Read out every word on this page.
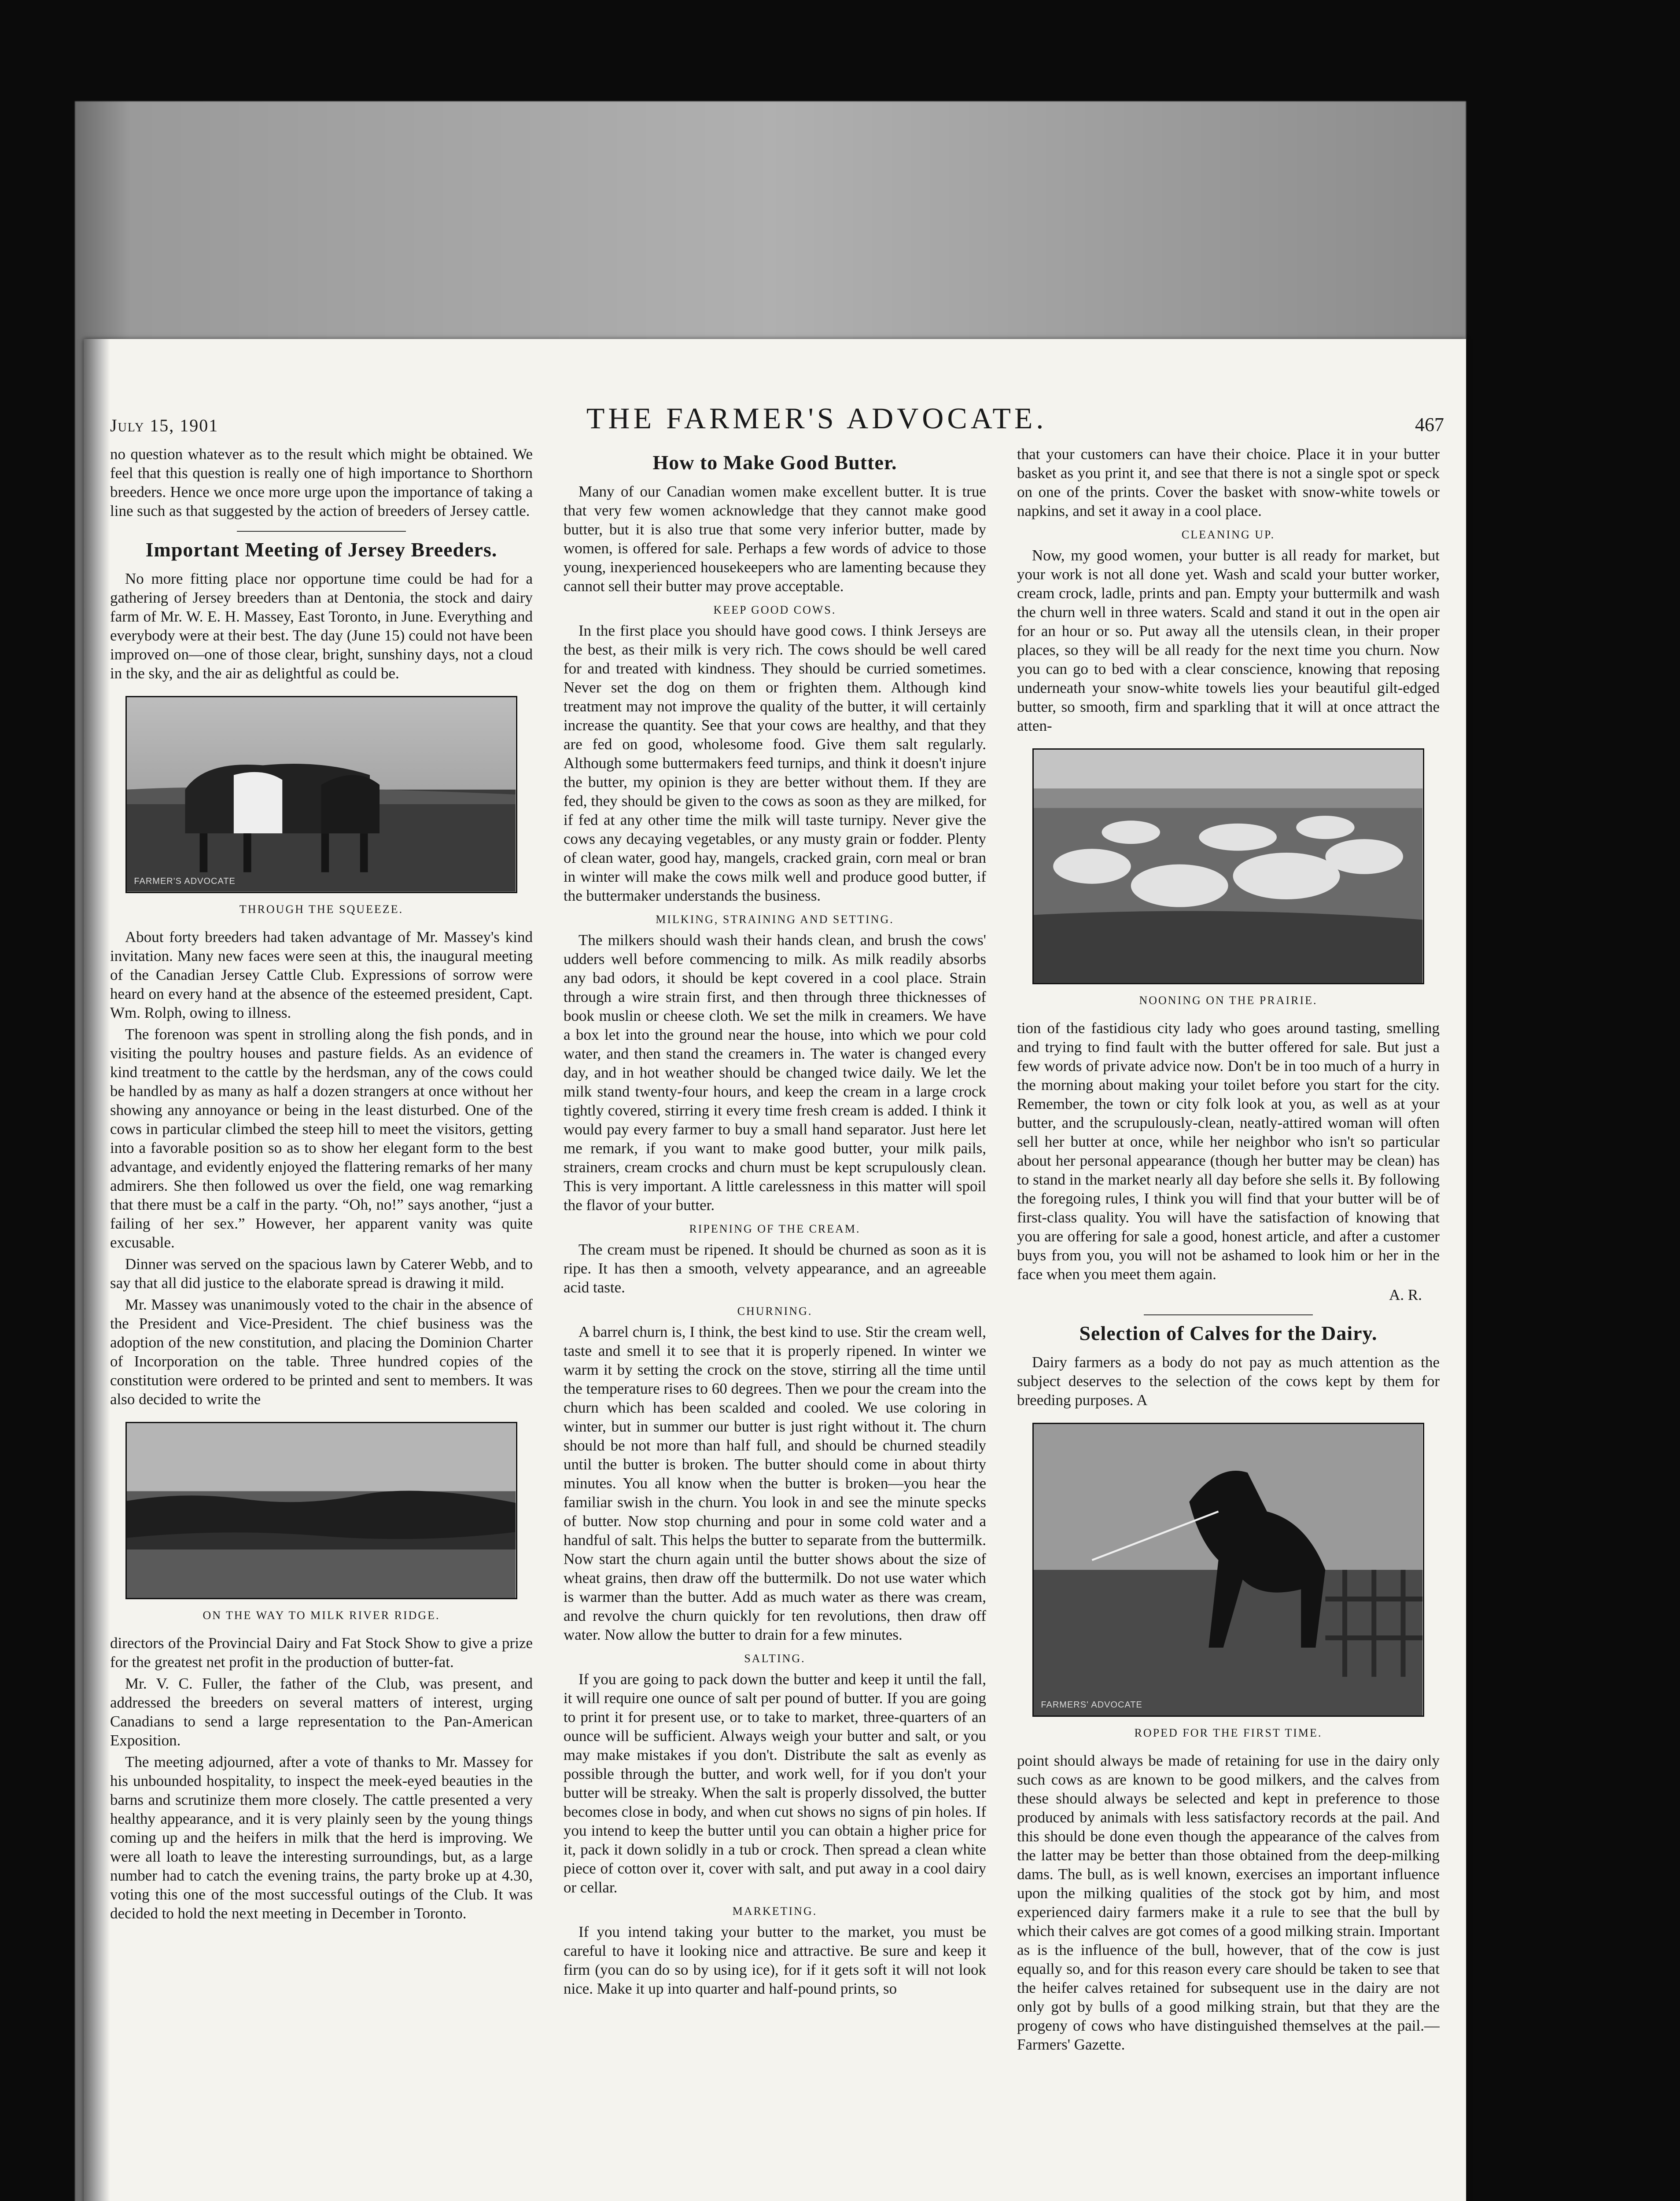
July 15, 1901	THE FARMER'S ADVOCATE.	467

no question whatever as to the result which might be obtained. We feel that this question is really one of high importance to Shorthorn breeders. Hence we once more urge upon the importance of taking a line such as that suggested by the action of breeders of Jersey cattle.

Important Meeting of Jersey Breeders.

No more fitting place nor opportune time could be had for a gathering of Jersey breeders than at Dentonia, the stock and dairy farm of Mr. W. E. H. Massey, East Toronto, in June. Everything and everybody were at their best. The day (June 15) could not have been improved on—one of those clear, bright, sunshiny days, not a cloud in the sky, and the air as delightful as could be.

FARMER'S ADVOCATE
THROUGH THE SQUEEZE.

About forty breeders had taken advantage of Mr. Massey's kind invitation. Many new faces were seen at this, the inaugural meeting of the Canadian Jersey Cattle Club. Expressions of sorrow were heard on every hand at the absence of the esteemed president, Capt. Wm. Rolph, owing to illness.

The forenoon was spent in strolling along the fish ponds, and in visiting the poultry houses and pasture fields. As an evidence of kind treatment to the cattle by the herdsman, any of the cows could be handled by as many as half a dozen strangers at once without her showing any annoyance or being in the least disturbed. One of the cows in particular climbed the steep hill to meet the visitors, getting into a favorable position so as to show her elegant form to the best advantage, and evidently enjoyed the flattering remarks of her many admirers. She then followed us over the field, one wag remarking that there must be a calf in the party. “Oh, no!” says another, “just a failing of her sex.” However, her apparent vanity was quite excusable.

Dinner was served on the spacious lawn by Caterer Webb, and to say that all did justice to the elaborate spread is drawing it mild.

Mr. Massey was unanimously voted to the chair in the absence of the President and Vice-President. The chief business was the adoption of the new constitution, and placing the Dominion Charter of Incorporation on the table. Three hundred copies of the constitution were ordered to be printed and sent to members. It was also decided to write the

ON THE WAY TO MILK RIVER RIDGE.

directors of the Provincial Dairy and Fat Stock Show to give a prize for the greatest net profit in the production of butter-fat.

Mr. V. C. Fuller, the father of the Club, was present, and addressed the breeders on several matters of interest, urging Canadians to send a large representation to the Pan-American Exposition.

The meeting adjourned, after a vote of thanks to Mr. Massey for his unbounded hospitality, to inspect the meek-eyed beauties in the barns and scrutinize them more closely. The cattle presented a very healthy appearance, and it is very plainly seen by the young things coming up and the heifers in milk that the herd is improving. We were all loath to leave the interesting surroundings, but, as a large number had to catch the evening trains, the party broke up at 4.30, voting this one of the most successful outings of the Club. It was decided to hold the next meeting in December in Toronto.

How to Make Good Butter.

Many of our Canadian women make excellent butter. It is true that very few women acknowledge that they cannot make good butter, but it is also true that some very inferior butter, made by women, is offered for sale. Perhaps a few words of advice to those young, inexperienced housekeepers who are lamenting because they cannot sell their butter may prove acceptable.

KEEP GOOD COWS.

In the first place you should have good cows. I think Jerseys are the best, as their milk is very rich. The cows should be well cared for and treated with kindness. They should be curried sometimes. Never set the dog on them or frighten them. Although kind treatment may not improve the quality of the butter, it will certainly increase the quantity. See that your cows are healthy, and that they are fed on good, wholesome food. Give them salt regularly. Although some buttermakers feed turnips, and think it doesn't injure the butter, my opinion is they are better without them. If they are fed, they should be given to the cows as soon as they are milked, for if fed at any other time the milk will taste turnipy. Never give the cows any decaying vegetables, or any musty grain or fodder. Plenty of clean water, good hay, mangels, cracked grain, corn meal or bran in winter will make the cows milk well and produce good butter, if the buttermaker understands the business.

MILKING, STRAINING AND SETTING.

The milkers should wash their hands clean, and brush the cows' udders well before commencing to milk. As milk readily absorbs any bad odors, it should be kept covered in a cool place. Strain through a wire strain first, and then through three thicknesses of book muslin or cheese cloth. We set the milk in creamers. We have a box let into the ground near the house, into which we pour cold water, and then stand the creamers in. The water is changed every day, and in hot weather should be changed twice daily. We let the milk stand twenty-four hours, and keep the cream in a large crock tightly covered, stirring it every time fresh cream is added. I think it would pay every farmer to buy a small hand separator. Just here let me remark, if you want to make good butter, your milk pails, strainers, cream crocks and churn must be kept scrupulously clean. This is very important. A little carelessness in this matter will spoil the flavor of your butter.

RIPENING OF THE CREAM.

The cream must be ripened. It should be churned as soon as it is ripe. It has then a smooth, velvety appearance, and an agreeable acid taste.

CHURNING.

A barrel churn is, I think, the best kind to use. Stir the cream well, taste and smell it to see that it is properly ripened. In winter we warm it by setting the crock on the stove, stirring all the time until the temperature rises to 60 degrees. Then we pour the cream into the churn which has been scalded and cooled. We use coloring in winter, but in summer our butter is just right without it. The churn should be not more than half full, and should be churned steadily until the butter is broken. The butter should come in about thirty minutes. You all know when the butter is broken—you hear the familiar swish in the churn. You look in and see the minute specks of butter. Now stop churning and pour in some cold water and a handful of salt. This helps the butter to separate from the buttermilk. Now start the churn again until the butter shows about the size of wheat grains, then draw off the buttermilk. Do not use water which is warmer than the butter. Add as much water as there was cream, and revolve the churn quickly for ten revolutions, then draw off water. Now allow the butter to drain for a few minutes.

SALTING.

If you are going to pack down the butter and keep it until the fall, it will require one ounce of salt per pound of butter. If you are going to print it for present use, or to take to market, three-quarters of an ounce will be sufficient. Always weigh your butter and salt, or you may make mistakes if you don't. Distribute the salt as evenly as possible through the butter, and work well, for if you don't your butter will be streaky. When the salt is properly dissolved, the butter becomes close in body, and when cut shows no signs of pin holes. If you intend to keep the butter until you can obtain a higher price for it, pack it down solidly in a tub or crock. Then spread a clean white piece of cotton over it, cover with salt, and put away in a cool dairy or cellar.

MARKETING.

If you intend taking your butter to the market, you must be careful to have it looking nice and attractive. Be sure and keep it firm (you can do so by using ice), for if it gets soft it will not look nice. Make it up into quarter and half-pound prints, so

that your customers can have their choice. Place it in your butter basket as you print it, and see that there is not a single spot or speck on one of the prints. Cover the basket with snow-white towels or napkins, and set it away in a cool place.

CLEANING UP.

Now, my good women, your butter is all ready for market, but your work is not all done yet. Wash and scald your butter worker, cream crock, ladle, prints and pan. Empty your buttermilk and wash the churn well in three waters. Scald and stand it out in the open air for an hour or so. Put away all the utensils clean, in their proper places, so they will be all ready for the next time you churn. Now you can go to bed with a clear conscience, knowing that reposing underneath your snow-white towels lies your beautiful gilt-edged butter, so smooth, firm and sparkling that it will at once attract the atten-

NOONING ON THE PRAIRIE.

tion of the fastidious city lady who goes around tasting, smelling and trying to find fault with the butter offered for sale. But just a few words of private advice now. Don't be in too much of a hurry in the morning about making your toilet before you start for the city. Remember, the town or city folk look at you, as well as at your butter, and the scrupulously-clean, neatly-attired woman will often sell her butter at once, while her neighbor who isn't so particular about her personal appearance (though her butter may be clean) has to stand in the market nearly all day before she sells it. By following the foregoing rules, I think you will find that your butter will be of first-class quality. You will have the satisfaction of knowing that you are offering for sale a good, honest article, and after a customer buys from you, you will not be ashamed to look him or her in the face when you meet them again.

A. R.
Selection of Calves for the Dairy.

Dairy farmers as a body do not pay as much attention as the subject deserves to the selection of the cows kept by them for breeding purposes. A

FARMERS' ADVOCATE
ROPED FOR THE FIRST TIME.

point should always be made of retaining for use in the dairy only such cows as are known to be good milkers, and the calves from these should always be selected and kept in preference to those produced by animals with less satisfactory records at the pail. And this should be done even though the appearance of the calves from the latter may be better than those obtained from the deep-milking dams. The bull, as is well known, exercises an important influence upon the milking qualities of the stock got by him, and most experienced dairy farmers make it a rule to see that the bull by which their calves are got comes of a good milking strain. Important as is the influence of the bull, however, that of the cow is just equally so, and for this reason every care should be taken to see that the heifer calves retained for subsequent use in the dairy are not only got by bulls of a good milking strain, but that they are the progeny of cows who have distinguished themselves at the pail.—Farmers' Gazette.
